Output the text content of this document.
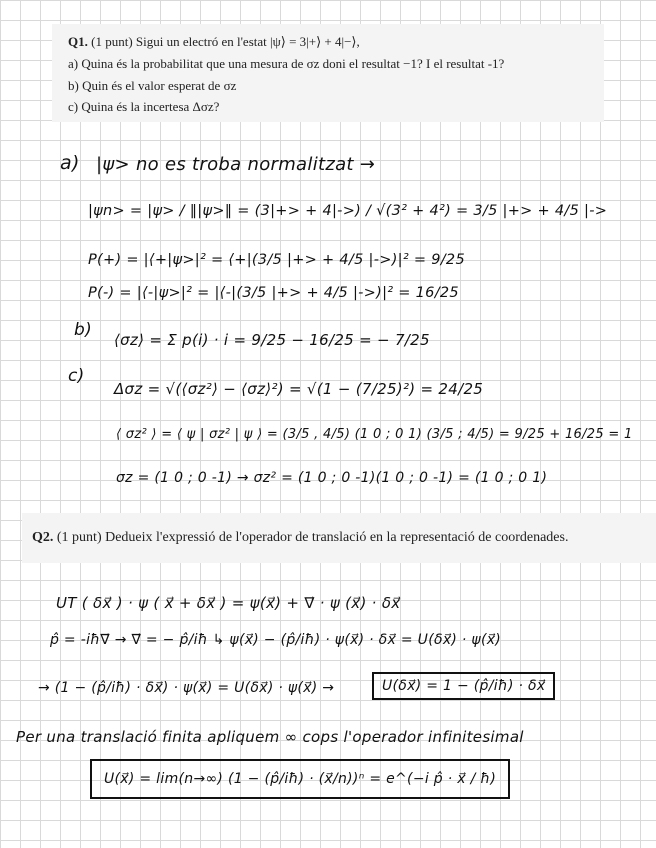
Q1. (1 punt) Sigui un electró en l'estat |ψ⟩ = 3|+⟩ + 4|−⟩,
a) Quina és la probabilitat que una mesura de σz doni el resultat −1? I el resultat -1?
b) Quin és el valor esperat de σz
c) Quina és la incertesa Δσz?
a) |ψ> no es troba normalitzat →
|ψn> = |ψ> / ‖|ψ>‖ = (3|+> + 4|->) / √(3² + 4²) = 3/5 |+> + 4/5 |->
P(+) = |⟨+|ψ>|² = ⟨+|(3/5 |+> + 4/5 |->)|² = 9/25
P(-) = |⟨-|ψ>|² = |⟨-|(3/5 |+> + 4/5 |->)|² = 16/25
b) ⟨σz⟩ = Σ p(i) · i = 9/25 − 16/25 = − 7/25
c)
Δσz = √(⟨σz²⟩ − ⟨σz⟩²) = √(1 − (7/25)²) = 24/25
⟨ σz² ⟩ = ⟨ ψ | σz² | ψ ⟩ = (3/5 , 4/5) (1 0 ; 0 1) (3/5 ; 4/5) = 9/25 + 16/25 = 1
σz = (1 0 ; 0 -1) → σz² = (1 0 ; 0 -1)(1 0 ; 0 -1) = (1 0 ; 0 1)
Q2. (1 punt) Dedueix l'expressió de l'operador de translació en la representació de coordenades.
UT ( δx⃗ ) · ψ ( x⃗ + δx⃗ ) = ψ(x⃗) + ∇⃗ · ψ (x⃗) · δx⃗
p̂ = -iħ∇⃗ → ∇⃗ = − p̂/iħ ↳ ψ(x⃗) − (p̂/iħ) · ψ(x⃗) · δx⃗ = U(δx⃗) · ψ(x⃗)
→ (1 − (p̂/iħ) · δx⃗) · ψ(x⃗) = U(δx⃗) · ψ(x⃗) →	U(δx⃗) = 1 − (p̂/iħ) · δx⃗
Per una translació finita apliquem ∞ cops l'operador infinitesimal
U(x⃗) = lim(n→∞) (1 − (p̂/iħ) · (x⃗/n))ⁿ = e^(−i p̂ · x⃗ / ħ)
